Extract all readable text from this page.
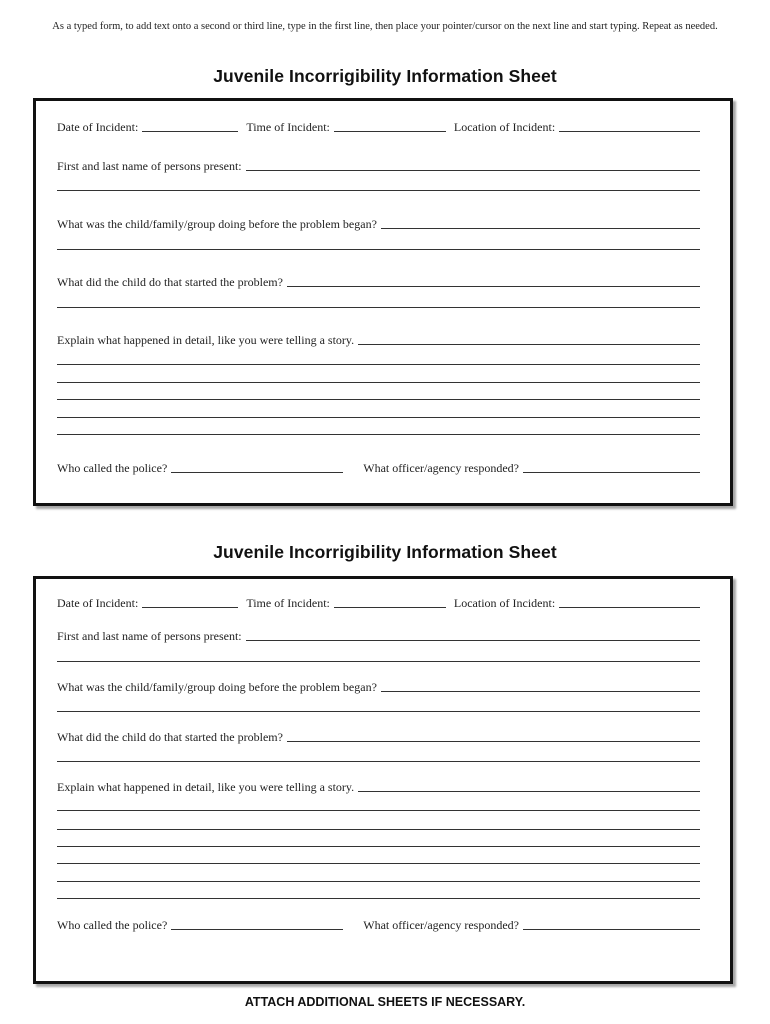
As a typed form, to add text onto a second or third line, type in the first line, then place your pointer/cursor on the next line and start typing. Repeat as needed.
Juvenile Incorrigibility Information Sheet
Date of Incident:	Time of Incident:	Location of Incident:
First and last name of persons present:
What was the child/family/group doing before the problem began?
What did the child do that started the problem?
Explain what happened in detail, like you were telling a story.
Who called the police?	What officer/agency responded?
Juvenile Incorrigibility Information Sheet
Date of Incident:	Time of Incident:	Location of Incident:
First and last name of persons present:
What was the child/family/group doing before the problem began?
What did the child do that started the problem?
Explain what happened in detail, like you were telling a story.
Who called the police?	What officer/agency responded?
ATTACH ADDITIONAL SHEETS IF NECESSARY.
